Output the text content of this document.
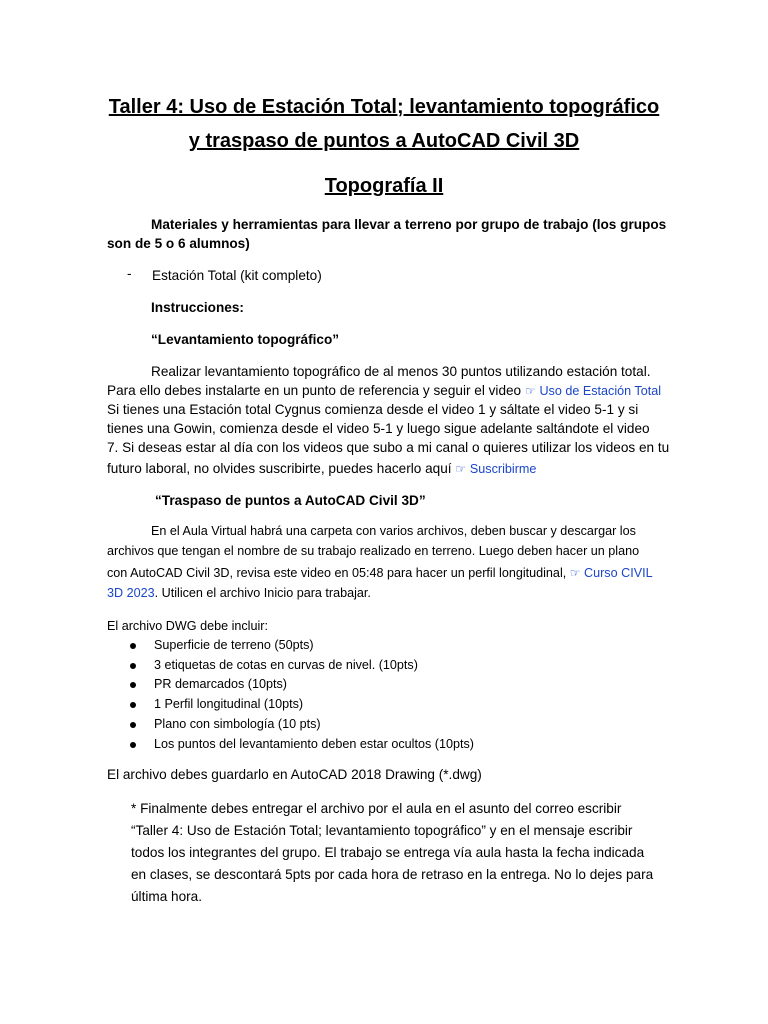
Taller 4: Uso de Estación Total; levantamiento topográfico
y traspaso de puntos a AutoCAD Civil 3D
Topografía II
Materiales y herramientas para llevar a terreno por grupo de trabajo (los grupos
son de 5 o 6 alumnos)
- Estación Total (kit completo)
Instrucciones:
“Levantamiento topográfico”
Realizar levantamiento topográfico de al menos 30 puntos utilizando estación total.
Para ello debes instalarte en un punto de referencia y seguir el video ☞ Uso de Estación Total
Si tienes una Estación total Cygnus comienza desde el video 1 y sáltate el video 5-1 y si
tienes una Gowin, comienza desde el video 5-1 y luego sigue adelante saltándote el video
7. Si deseas estar al día con los videos que subo a mi canal o quieres utilizar los videos en tu
futuro laboral, no olvides suscribirte, puedes hacerlo aquí ☞ Suscribirme
“Traspaso de puntos a AutoCAD Civil 3D”
En el Aula Virtual habrá una carpeta con varios archivos, deben buscar y descargar los
archivos que tengan el nombre de su trabajo realizado en terreno. Luego deben hacer un plano
con AutoCAD Civil 3D, revisa este video en 05:48 para hacer un perfil longitudinal, ☞ Curso CIVIL
3D 2023. Utilicen el archivo Inicio para trabajar.
El archivo DWG debe incluir:
Superficie de terreno (50pts)
3 etiquetas de cotas en curvas de nivel. (10pts)
PR demarcados (10pts)
1 Perfil longitudinal (10pts)
Plano con simbología (10 pts)
Los puntos del levantamiento deben estar ocultos (10pts)
El archivo debes guardarlo en AutoCAD 2018 Drawing (*.dwg)
* Finalmente debes entregar el archivo por el aula en el asunto del correo escribir
“Taller 4: Uso de Estación Total; levantamiento topográfico” y en el mensaje escribir
todos los integrantes del grupo. El trabajo se entrega vía aula hasta la fecha indicada
en clases, se descontará 5pts por cada hora de retraso en la entrega. No lo dejes para
última hora.
